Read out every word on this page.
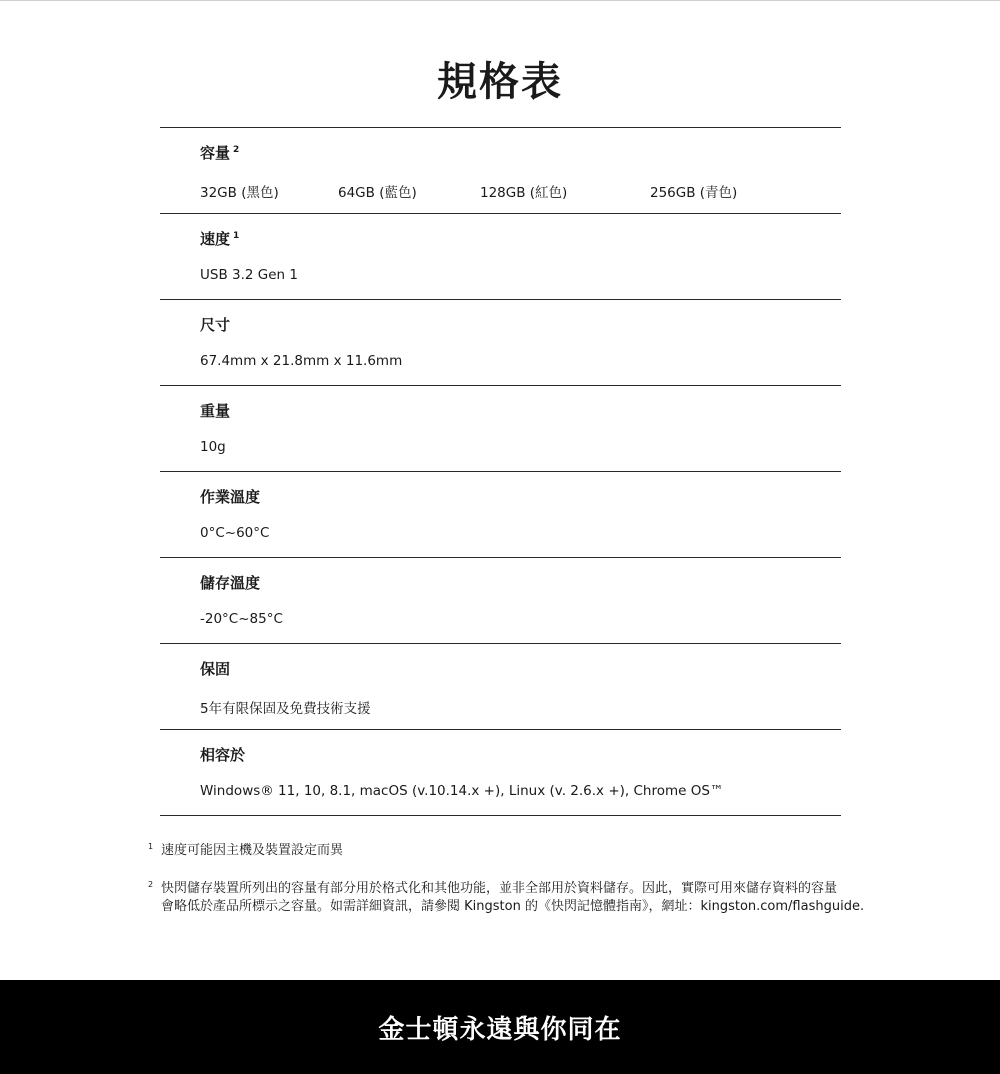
規格表
容量 $^2$
32GB (黑色)	64GB (藍色)	128GB (紅色)	256GB (青色)
速度 $^1$
USB 3.2 Gen 1
尺寸
67.4mm x 21.8mm x 11.6mm
重量
10g
作業溫度
0°C~60°C
儲存溫度
-20°C~85°C
保固
5年有限保固及免費技術支援
相容於
Windows® 11, 10, 8.1, macOS (v.10.14.x +), Linux (v. 2.6.x +), Chrome OS™
1 速度可能因主機及裝置設定而異

2 快閃儲存裝置所列出的容量有部分用於格式化和其他功能，並非全部用於資料儲存。因此，實際可用來儲存資料的容量

會略低於產品所標示之容量。如需詳細資訊，請參閱 Kingston 的《快閃記憶體指南》，網址：kingston.com/flashguide.

金士頓永遠與你同在
